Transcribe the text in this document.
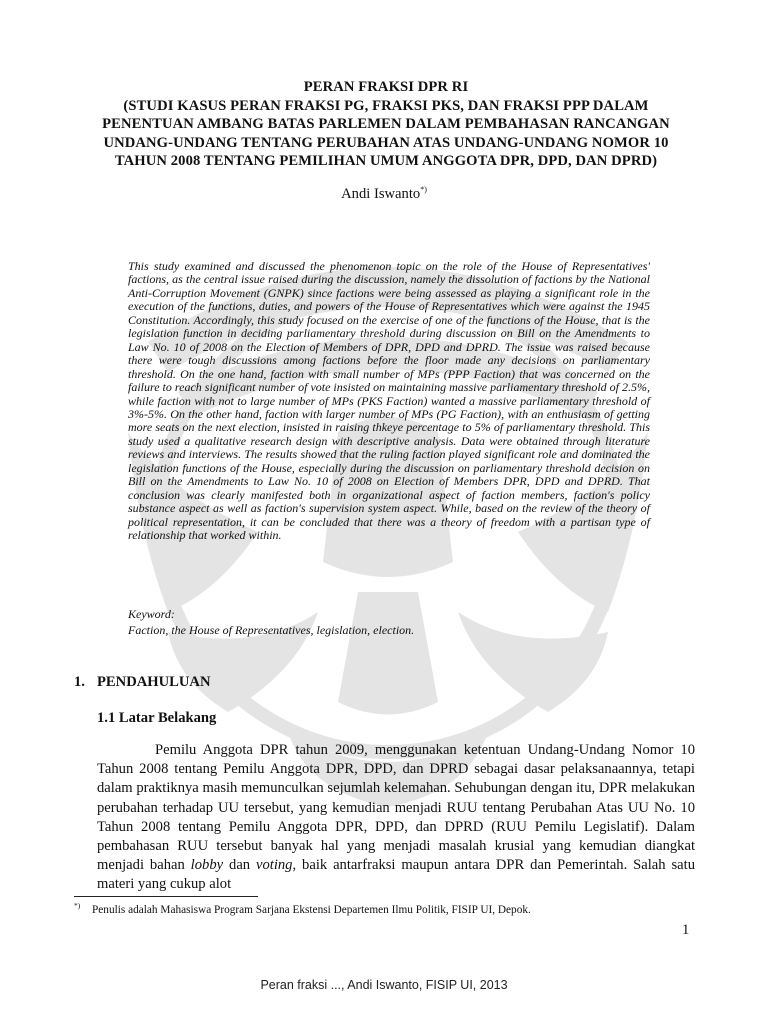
PERAN FRAKSI DPR RI
(STUDI KASUS PERAN FRAKSI PG, FRAKSI PKS, DAN FRAKSI PPP DALAM
PENENTUAN AMBANG BATAS PARLEMEN DALAM PEMBAHASAN RANCANGAN
UNDANG-UNDANG TENTANG PERUBAHAN ATAS UNDANG-UNDANG NOMOR 10
TAHUN 2008 TENTANG PEMILIHAN UMUM ANGGOTA DPR, DPD, DAN DPRD)
Andi Iswanto*)

This study examined and discussed the phenomenon topic on the role of the House of Representatives' factions, as the central issue raised during the discussion, namely the dissolution of factions by the National Anti-Corruption Movement (GNPK) since factions were being assessed as playing a significant role in the execution of the functions, duties, and powers of the House of Representatives which were against the 1945 Constitution. Accordingly, this study focused on the exercise of one of the functions of the House, that is the legislation function in deciding parliamentary threshold during discussion on Bill on the Amendments to Law No. 10 of 2008 on the Election of Members of DPR, DPD and DPRD. The issue was raised because there were tough discussions among factions before the floor made any decisions on parliamentary threshold. On the one hand, faction with small number of MPs (PPP Faction) that was concerned on the failure to reach significant number of vote insisted on maintaining massive parliamentary threshold of 2.5%, while faction with not to large number of MPs (PKS Faction) wanted a massive parliamentary threshold of 3%-5%. On the other hand, faction with larger number of MPs (PG Faction), with an enthusiasm of getting more seats on the next election, insisted in raising thkeye percentage to 5% of parliamentary threshold. This study used a qualitative research design with descriptive analysis. Data were obtained through literature reviews and interviews. The results showed that the ruling faction played significant role and dominated the legislation functions of the House, especially during the discussion on parliamentary threshold decision on Bill on the Amendments to Law No. 10 of 2008 on Election of Members DPR, DPD and DPRD. That conclusion was clearly manifested both in organizational aspect of faction members, faction's policy substance aspect as well as faction's supervision system aspect. While, based on the review of the theory of political representation, it can be concluded that there was a theory of freedom with a partisan type of relationship that worked within.

Keyword:
Faction, the House of Representatives, legislation, election.
1. PENDAHULUAN
1.1 Latar Belakang

Pemilu Anggota DPR tahun 2009, menggunakan ketentuan Undang-Undang Nomor 10 Tahun 2008 tentang Pemilu Anggota DPR, DPD, dan DPRD sebagai dasar pelaksanaannya, tetapi dalam praktiknya masih memunculkan sejumlah kelemahan. Sehubungan dengan itu, DPR melakukan perubahan terhadap UU tersebut, yang kemudian menjadi RUU tentang Perubahan Atas UU No. 10 Tahun 2008 tentang Pemilu Anggota DPR, DPD, dan DPRD (RUU Pemilu Legislatif). Dalam pembahasan RUU tersebut banyak hal yang menjadi masalah krusial yang kemudian diangkat menjadi bahan lobby dan voting, baik antarfraksi maupun antara DPR dan Pemerintah. Salah satu materi yang cukup alot

*) Penulis adalah Mahasiswa Program Sarjana Ekstensi Departemen Ilmu Politik, FISIP UI, Depok.
1
Peran fraksi ..., Andi Iswanto, FISIP UI, 2013
